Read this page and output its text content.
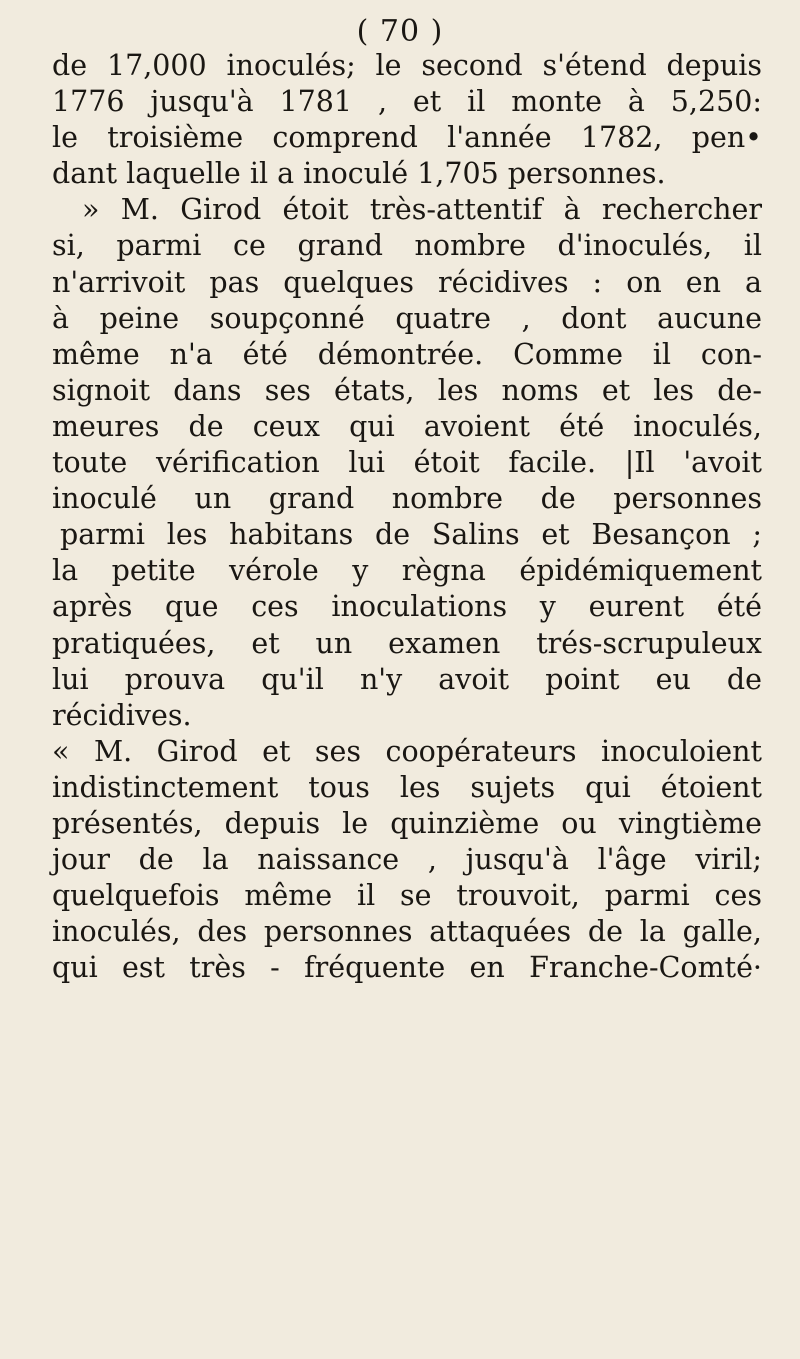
( 70 )
de 17,000 inoculés; le second s'étend depuis
1776 jusqu'à 1781 , et il monte à 5,250:
le troisième comprend l'année 1782, pen•
dant laquelle il a inoculé 1,705 personnes.
» M. Girod étoit très-attentif à rechercher
si, parmi ce grand nombre d'inoculés, il
n'arrivoit pas quelques récidives : on en a
à peine soupçonné quatre , dont aucune
même n'a été démontrée. Comme il con-
signoit dans ses états, les noms et les de-
meures de ceux qui avoient été inoculés,
toute vérification lui étoit facile. |Il 'avoit
inoculé un grand nombre de personnes
parmi les habitans de Salins et Besançon ;
la petite vérole y règna épidémiquement
après que ces inoculations y eurent été
pratiquées, et un examen trés-scrupuleux
lui prouva qu'il n'y avoit point eu de
récidives.
« M. Girod et ses coopérateurs inoculoient
indistinctement tous les sujets qui étoient
présentés, depuis le quinzième ou vingtième
jour de la naissance , jusqu'à l'âge viril;
quelquefois même il se trouvoit, parmi ces
inoculés, des personnes attaquées de la galle,
qui est très - fréquente en Franche-Comté·
